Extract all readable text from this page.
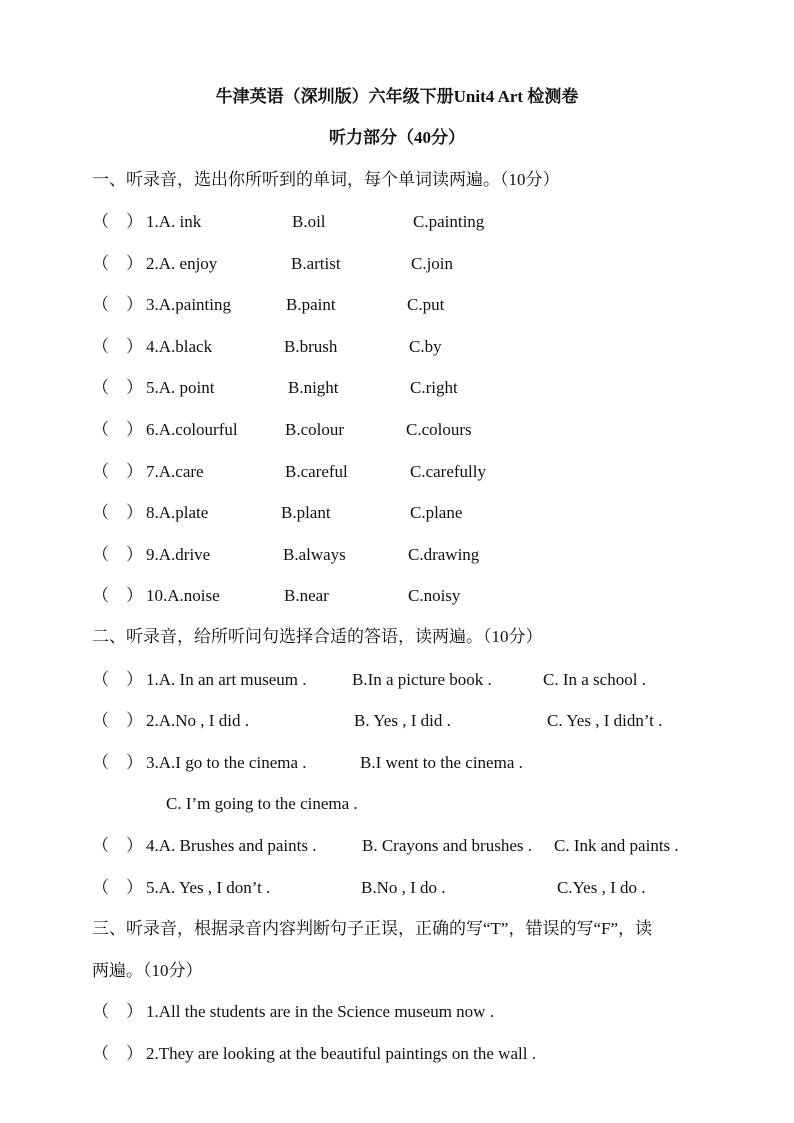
牛津英语（深圳版）六年级下册Unit4 Art 检测卷
听力部分（40分）
一、听录音，选出你所听到的单词，每个单词读两遍。（10分）
（　） 1.A. ink	B.oil	C.painting
（　） 2.A. enjoy	B.artist	C.join
（　） 3.A.painting	B.paint	C.put
（　） 4.A.black	B.brush	C.by
（　） 5.A. point	B.night	C.right
（　） 6.A.colourful	B.colour	C.colours
（　） 7.A.care	B.careful	C.carefully
（　） 8.A.plate	B.plant	C.plane
（　） 9.A.drive	B.always	C.drawing
（　） 10.A.noise	B.near	C.noisy
二、听录音，给所听问句选择合适的答语，读两遍。（10分）
（　） 1.A. In an art museum .	B.In a picture book .	C. In a school .
（　） 2.A.No , I did .	B. Yes , I did .	C. Yes , I didn’t .
（　） 3.A.I go to the cinema .	B.I went to the cinema .
C. I’m going to the cinema .
（　） 4.A. Brushes and paints .	B. Crayons and brushes . C. Ink and paints .
（　） 5.A. Yes , I don’t .	B.No , I do .	C.Yes , I do .
三、听录音，根据录音内容判断句子正误，正确的写“T”，错误的写“F”，读
两遍。（10分）
（　） 1.All the students are in the Science museum now .
（　） 2.They are looking at the beautiful paintings on the wall .
